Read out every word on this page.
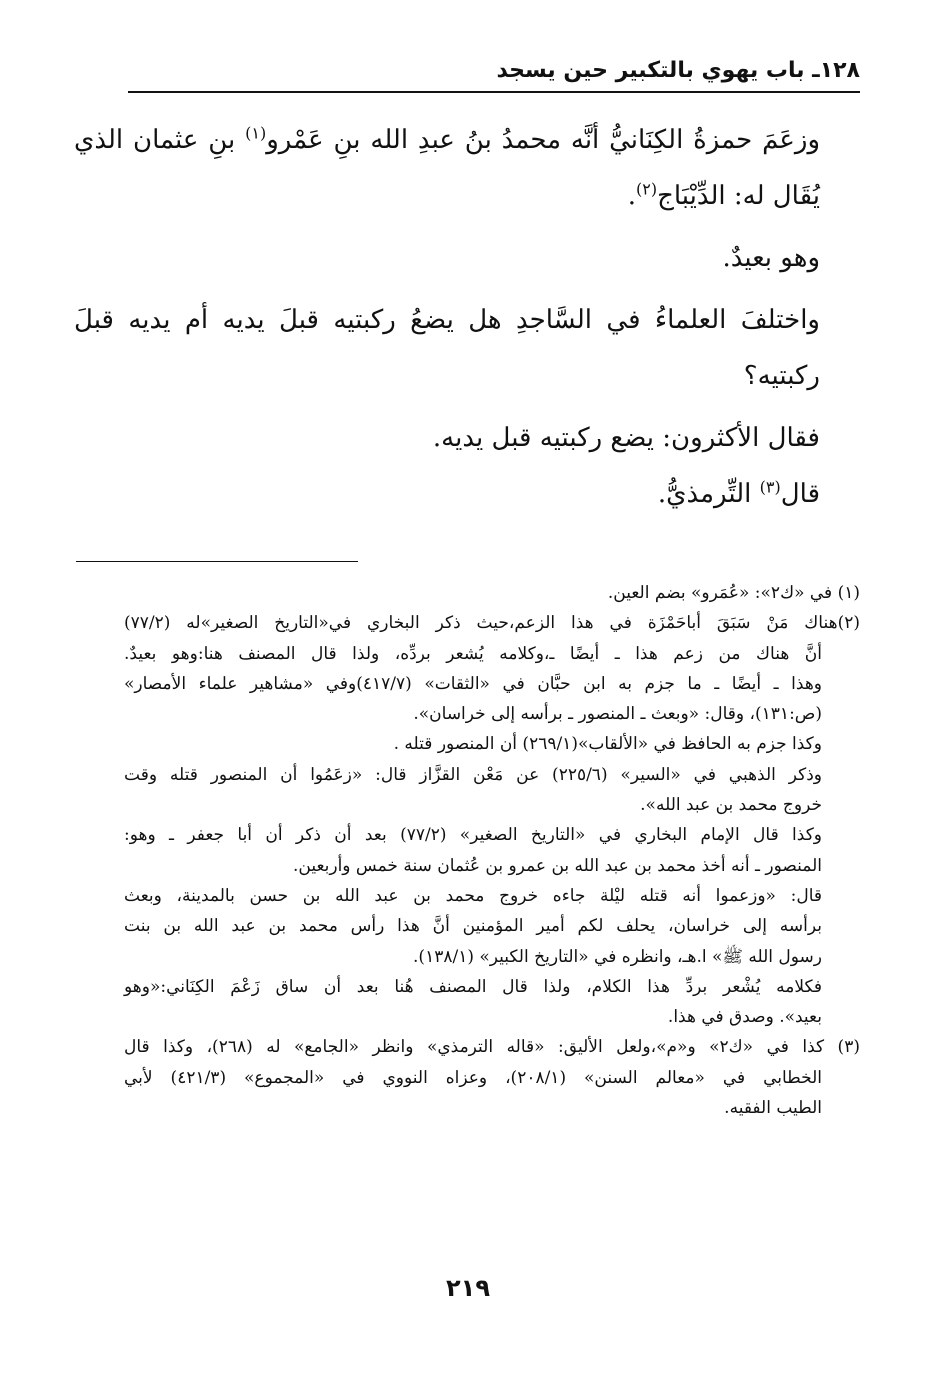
١٢٨ـ باب يهوي بالتكبير حين يسجد

وزعَمَ حمزةُ الكِنَانيُّ أنَّه محمدُ بنُ عبدِ الله بنِ عَمْرو$^{(١)}$ بنِ عثمان الذي يُقَال له: الدِّيْبَاج$^{(٢)}$.

وهو بعيدٌ.

واختلفَ العلماءُ في السَّاجدِ هل يضعُ ركبتيه قبلَ يديه أم يديه قبلَ ركبتيه؟

فقال الأكثرون: يضع ركبتيه قبل يديه.

قال$^{(٣)}$ التِّرمذيُّ.

(١) في «ك٢»: «عُمَرو» بضم العين.

(٢)هناك مَنْ سَبَقَ أباحَمْزَة في هذا الزعم،حيث ذكر البخاري في«التاريخ الصغير»له (٧٧/٢)

أنَّ هناك من زعم هذا ـ أيضًا ـ،وكلامه يُشعر بردِّه، ولذا قال المصنف هنا:وهو بعيدٌ.

وهذا ـ أيضًا ـ ما جزم به ابن حبَّان في «الثقات» (٤١٧/٧)وفي «مشاهير علماء الأمصار»

(ص:١٣١)، وقال: «وبعث ـ المنصور ـ برأسه إلى خراسان».

وكذا جزم به الحافظ في «الألقاب»(٢٦٩/١) أن المنصور قتله .

وذكر الذهبي في «السير» (٢٢٥/٦) عن مَعْن القزَّاز قال: «زعَمُوا أن المنصور قتله وقت

خروج محمد بن عبد الله».

وكذا قال الإمام البخاري في «التاريخ الصغير» (٧٧/٢) بعد أن ذكر أن أبا جعفر ـ وهو:

المنصور ـ أنه أخذ محمد بن عبد الله بن عمرو بن عُثمان سنة خمس وأربعين.

قال: «وزعموا أنه قتله ليْلة جاءه خروج محمد بن عبد الله بن حسن بالمدينة، وبعث

برأسه إلى خراسان، يحلف لكم أمير المؤمنين أنَّ هذا رأس محمد بن عبد الله بن بنت

رسول الله ﷺ» ا.هـ، وانظره في «التاريخ الكبير» (١٣٨/١).

فكلامه يُشْعر بردِّ هذا الكلام، ولذا قال المصنف هُنا بعد أن ساق زَعْمَ الكِنَاني:«وهو

بعيد». وصدق في هذا.

(٣) كذا في «ك٢» و«م»،ولعل الأليق: «قاله الترمذي» وانظر «الجامع» له (٢٦٨)، وكذا قال

الخطابي في «معالم السنن» (٢٠٨/١)، وعزاه النووي في «المجموع» (٤٢١/٣) لأبي

الطيب الفقيه.

٢١٩
